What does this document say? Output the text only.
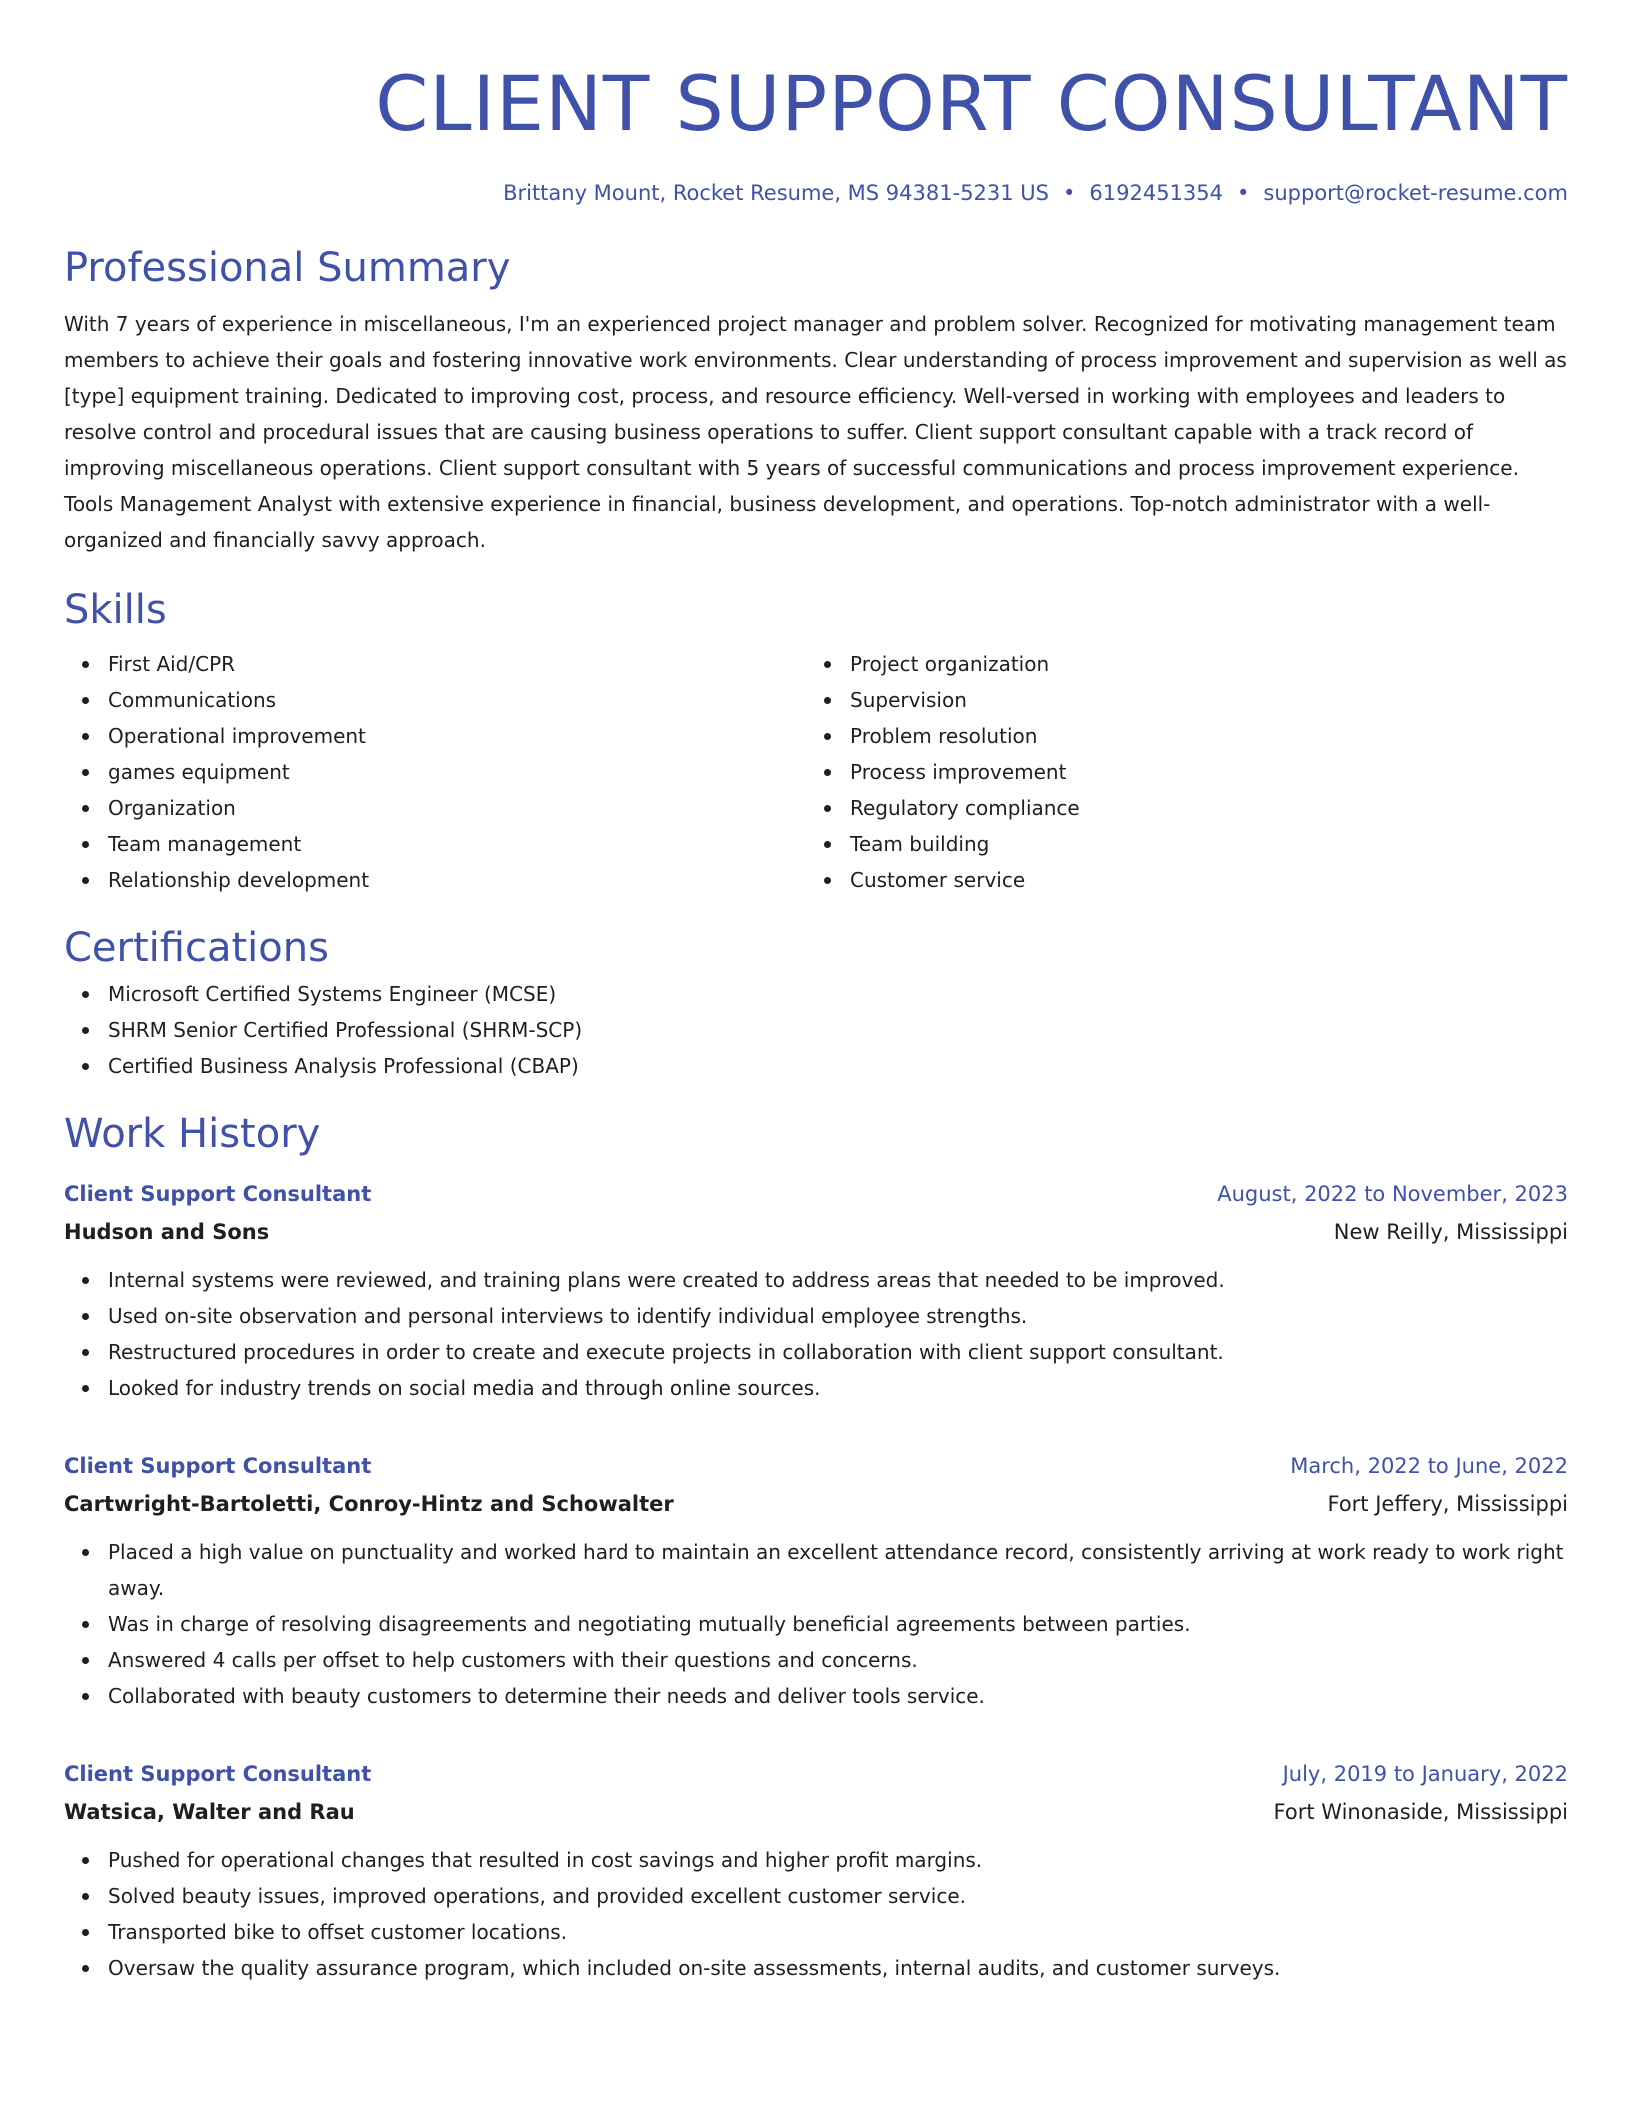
CLIENT SUPPORT CONSULTANT
Brittany Mount, Rocket Resume, MS 94381-5231 US • 6192451354 • support@rocket-resume.com
Professional Summary

With 7 years of experience in miscellaneous, I'm an experienced project manager and problem solver. Recognized for motivating management team members to achieve their goals and fostering innovative work environments. Clear understanding of process improvement and supervision as well as [type] equipment training. Dedicated to improving cost, process, and resource efficiency. Well-versed in working with employees and leaders to resolve control and procedural issues that are causing business operations to suffer. Client support consultant capable with a track record of improving miscellaneous operations. Client support consultant with 5 years of successful communications and process improvement experience. Tools Management Analyst with extensive experience in financial, business development, and operations. Top-notch administrator with a well-organized and financially savvy approach.

Skills
First Aid/CPR
Communications
Operational improvement
games equipment
Organization
Team management
Relationship development
Project organization
Supervision
Problem resolution
Process improvement
Regulatory compliance
Team building
Customer service
Certifications
Microsoft Certified Systems Engineer (MCSE)
SHRM Senior Certified Professional (SHRM-SCP)
Certified Business Analysis Professional (CBAP)
Work History
Client Support Consultant	August, 2022 to November, 2023
Hudson and Sons	New Reilly, Mississippi
Internal systems were reviewed, and training plans were created to address areas that needed to be improved.
Used on-site observation and personal interviews to identify individual employee strengths.
Restructured procedures in order to create and execute projects in collaboration with client support consultant.
Looked for industry trends on social media and through online sources.
Client Support Consultant	March, 2022 to June, 2022
Cartwright-Bartoletti, Conroy-Hintz and Schowalter	Fort Jeffery, Mississippi
Placed a high value on punctuality and worked hard to maintain an excellent attendance record, consistently arriving at work ready to work right away.
Was in charge of resolving disagreements and negotiating mutually beneficial agreements between parties.
Answered 4 calls per offset to help customers with their questions and concerns.
Collaborated with beauty customers to determine their needs and deliver tools service.
Client Support Consultant	July, 2019 to January, 2022
Watsica, Walter and Rau	Fort Winonaside, Mississippi
Pushed for operational changes that resulted in cost savings and higher profit margins.
Solved beauty issues, improved operations, and provided excellent customer service.
Transported bike to offset customer locations.
Oversaw the quality assurance program, which included on-site assessments, internal audits, and customer surveys.
